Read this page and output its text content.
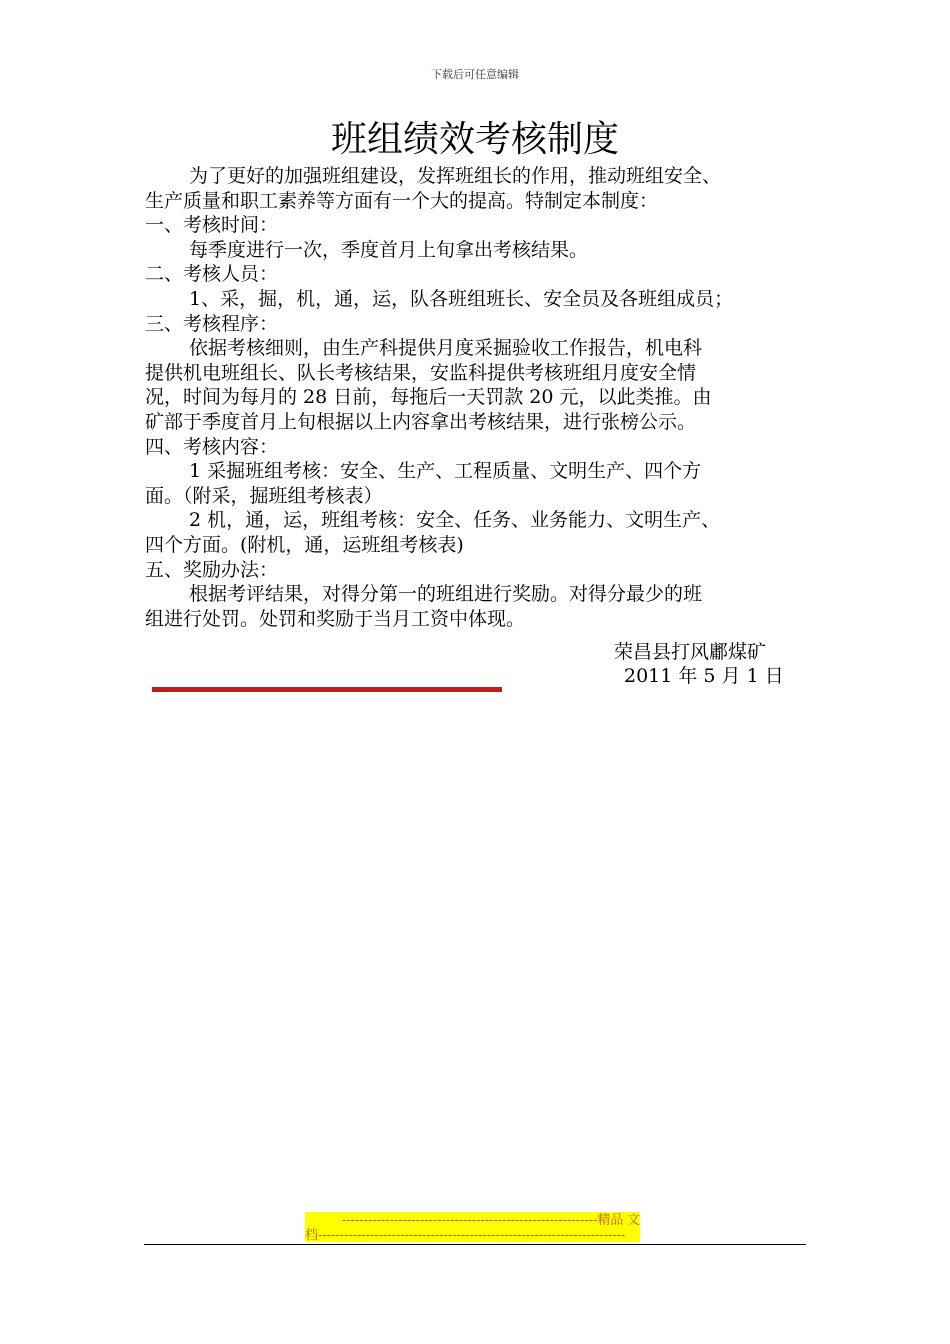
下载后可任意编辑
班组绩效考核制度

为了更好的加强班组建设，发挥班组长的作用，推动班组安全、

生产质量和职工素养等方面有一个大的提高。特制定本制度：

一、考核时间：

每季度进行一次，季度首月上旬拿出考核结果。

二、考核人员：

1、采，掘，机，通，运，队各班组班长、安全员及各班组成员；

三、考核程序：

依据考核细则，由生产科提供月度采掘验收工作报告，机电科

提供机电班组长、队长考核结果，安监科提供考核班组月度安全情

况，时间为每月的 28 日前，每拖后一天罚款 20 元，以此类推。由

矿部于季度首月上旬根据以上内容拿出考核结果，进行张榜公示。

四、考核内容：

1 采掘班组考核：安全、生产、工程质量、文明生产、四个方

面。（附采，掘班组考核表）

2 机，通，运，班组考核：安全、任务、业务能力、文明生产、

四个方面。(附机，通，运班组考核表)

五、奖励办法：

根据考评结果，对得分第一的班组进行奖励。对得分最少的班

组进行处罚。处罚和奖励于当月工资中体现。

荣昌县打风鄘煤矿
2011 年 5 月 1 日
-----------------------------------------------------------精品 文
档-----------------------------------------------------------------------
